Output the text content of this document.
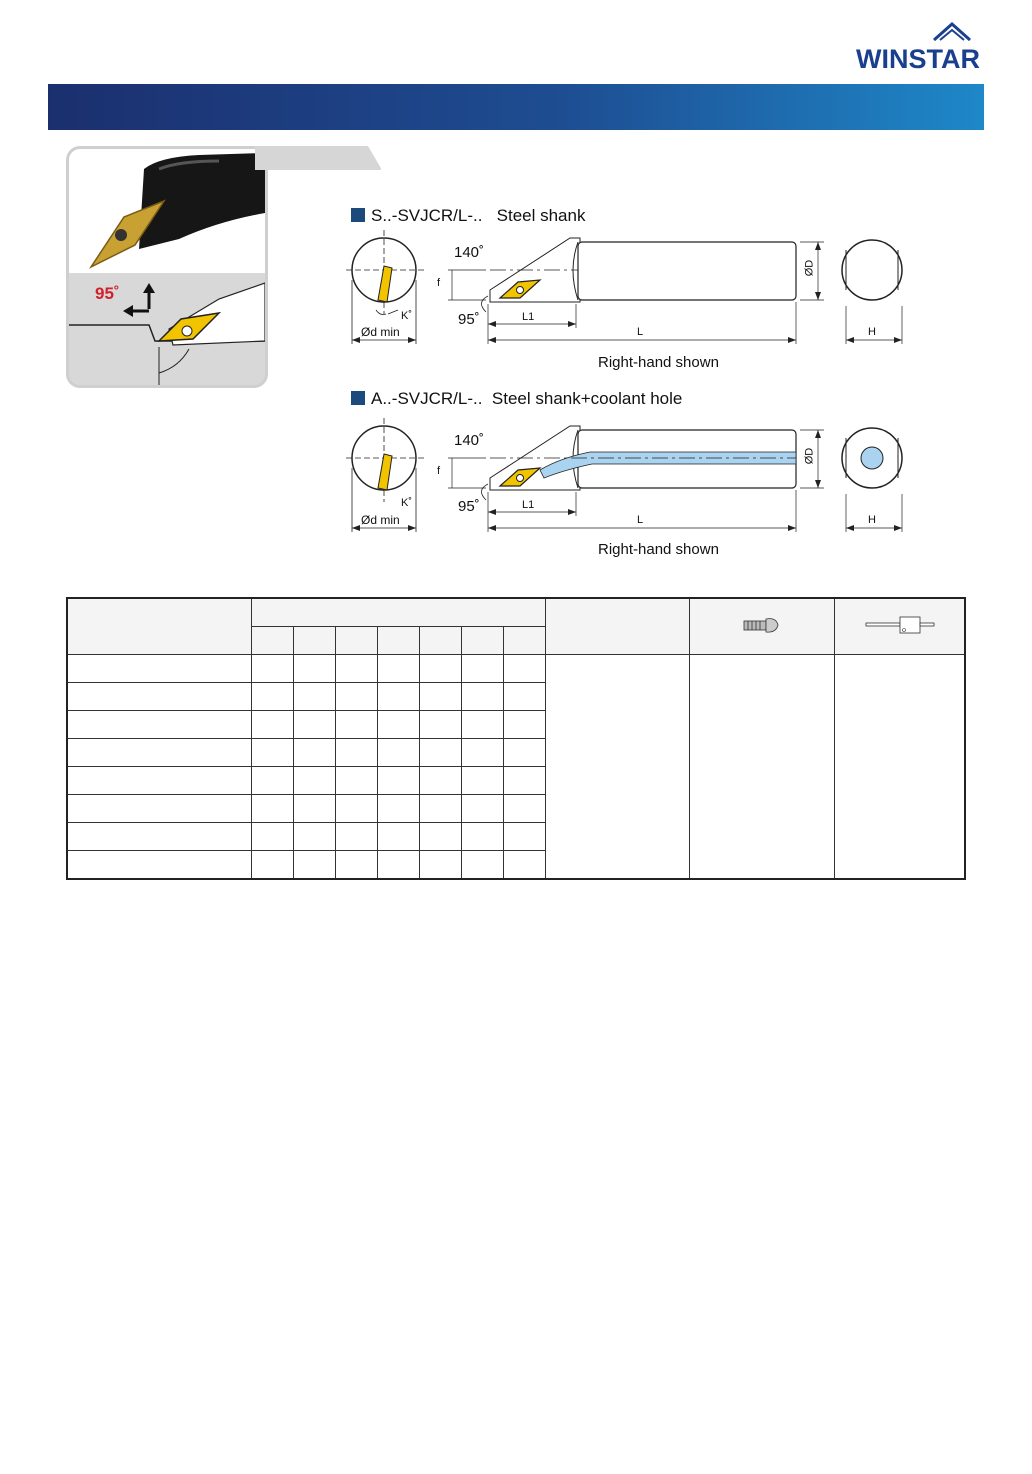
WINSTAR
95˚
S..-SVJCR/L-..   Steel shank
140˚
95˚
f
K˚
Ød min
L1
L
ØD
H
Right-hand shown
A..-SVJCR/L-..  Steel shank+coolant hole
140˚
95˚
f
K˚
Ød min
L1
L
ØD
H
Right-hand shown
